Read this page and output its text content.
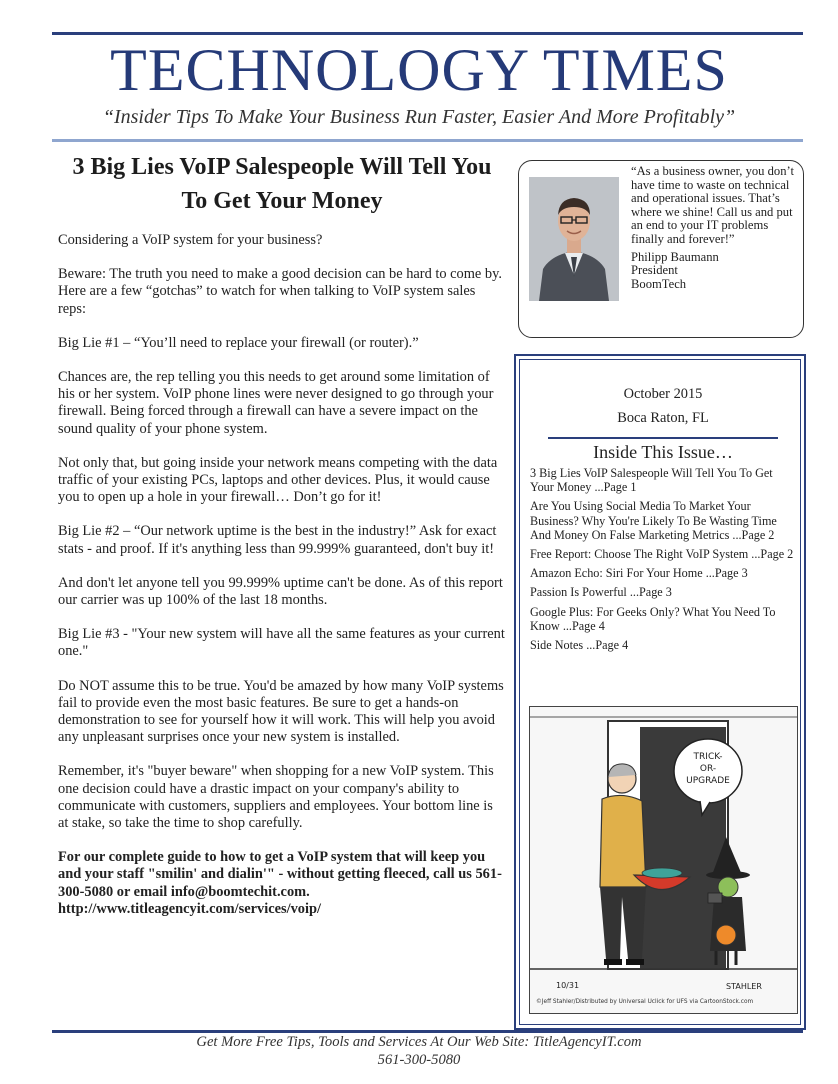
TECHNOLOGY TIMES
“Insider Tips To Make Your Business Run Faster, Easier And More Profitably”
3 Big Lies VoIP Salespeople Will Tell You To Get Your Money

Considering a VoIP system for your business?

Beware: The truth you need to make a good decision can be hard to come by. Here are a few “gotchas” to watch for when talking to VoIP system sales reps:

Big Lie #1 – “You’ll need to replace your firewall (or router).”

Chances are, the rep telling you this needs to get around some limitation of his or her system. VoIP phone lines were never designed to go through your firewall. Being forced through a firewall can have a severe impact on the sound quality of your phone system.

Not only that, but going inside your network means competing with the data traffic of your existing PCs, laptops and other devices. Plus, it would cause you to open up a hole in your firewall… Don’t go for it!

Big Lie #2 – “Our network uptime is the best in the industry!” Ask for exact stats - and proof. If it's anything less than 99.999% guaranteed, don't buy it!

And don't let anyone tell you 99.999% uptime can't be done. As of this report our carrier was up 100% of the last 18 months.

Big Lie #3 - "Your new system will have all the same features as your current one."

Do NOT assume this to be true. You'd be amazed by how many VoIP systems fail to provide even the most basic features. Be sure to get a hands-on demonstration to see for yourself how it will work. This will help you avoid any unpleasant surprises once your new system is installed.

Remember, it's "buyer beware" when shopping for a new VoIP system. This one decision could have a drastic impact on your company's ability to communicate with customers, suppliers and employees. Your bottom line is at stake, so take the time to shop carefully.

For our complete guide to how to get a VoIP system that will keep you and your staff "smilin' and dialin'" - without getting fleeced, call us 561-300-5080 or email info@boomtechit.com. http://www.titleagencyit.com/services/voip/

“As a business owner, you don’t have time to waste on technical and operational issues. That’s where we shine! Call us and put an end to your IT problems finally and forever!”
Philipp Baumann
President
BoomTech
October 2015
Boca Raton, FL
Inside This Issue…
3 Big Lies VoIP Salespeople Will Tell You To Get Your Money ...Page 1
Are You Using Social Media To Market Your Business? Why You're Likely To Be Wasting Time And Money On False Marketing Metrics ...Page 2
Free Report: Choose The Right VoIP System ...Page 2
Amazon Echo: Siri For Your Home ...Page 3
Passion Is Powerful ...Page 3
Google Plus: For Geeks Only? What You Need To Know ...Page 4
Side Notes ...Page 4
TRICK-
OR-
UPGRADE
10/31	STAHLER
©Jeff Stahler/Distributed by Universal Uclick for UFS via CartoonStock.com
Get More Free Tips, Tools and Services At Our Web Site: TitleAgencyIT.com
561-300-5080
